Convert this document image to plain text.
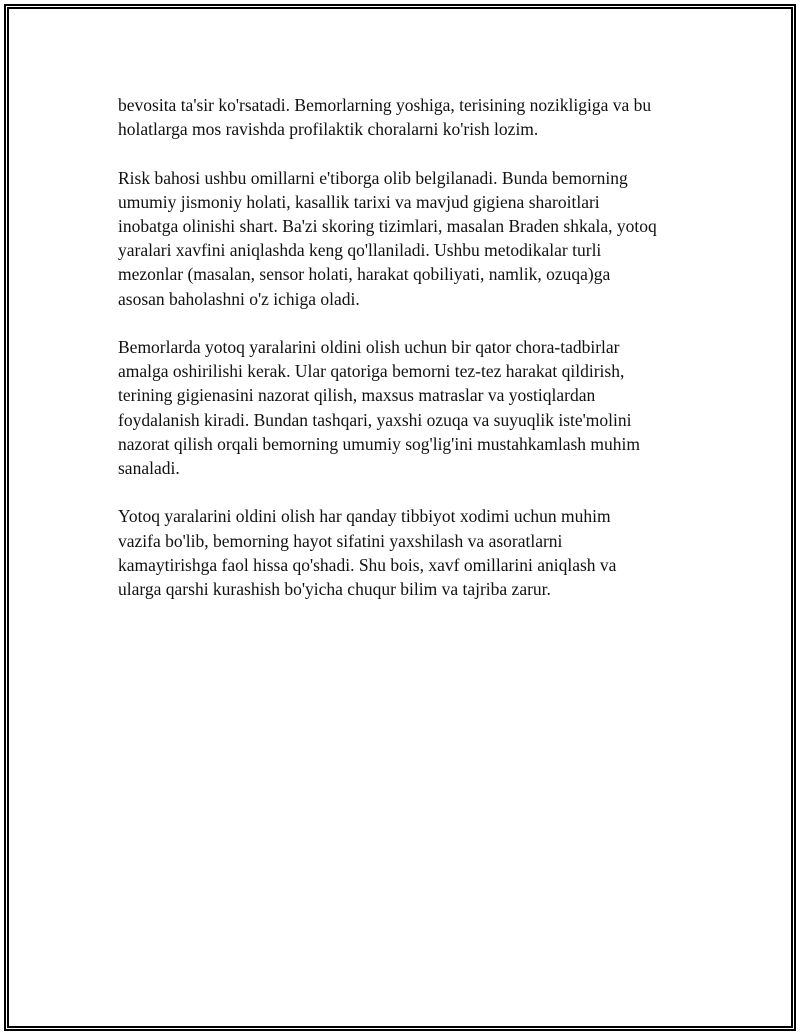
bevosita ta'sir ko'rsatadi. Bemorlarning yoshiga, terisining nozikligiga va bu
holatlarga mos ravishda profilaktik choralarni ko'rish lozim.

Risk bahosi ushbu omillarni e'tiborga olib belgilanadi. Bunda bemorning
umumiy jismoniy holati, kasallik tarixi va mavjud gigiena sharoitlari
inobatga olinishi shart. Ba'zi skoring tizimlari, masalan Braden shkala, yotoq
yaralari xavfini aniqlashda keng qo'llaniladi. Ushbu metodikalar turli
mezonlar (masalan, sensor holati, harakat qobiliyati, namlik, ozuqa)ga
asosan baholashni o'z ichiga oladi.

Bemorlarda yotoq yaralarini oldini olish uchun bir qator chora-tadbirlar
amalga oshirilishi kerak. Ular qatoriga bemorni tez-tez harakat qildirish,
terining gigienasini nazorat qilish, maxsus matraslar va yostiqlardan
foydalanish kiradi. Bundan tashqari, yaxshi ozuqa va suyuqlik iste'molini
nazorat qilish orqali bemorning umumiy sog'lig'ini mustahkamlash muhim
sanaladi.

Yotoq yaralarini oldini olish har qanday tibbiyot xodimi uchun muhim
vazifa bo'lib, bemorning hayot sifatini yaxshilash va asoratlarni
kamaytirishga faol hissa qo'shadi. Shu bois, xavf omillarini aniqlash va
ularga qarshi kurashish bo'yicha chuqur bilim va tajriba zarur.
